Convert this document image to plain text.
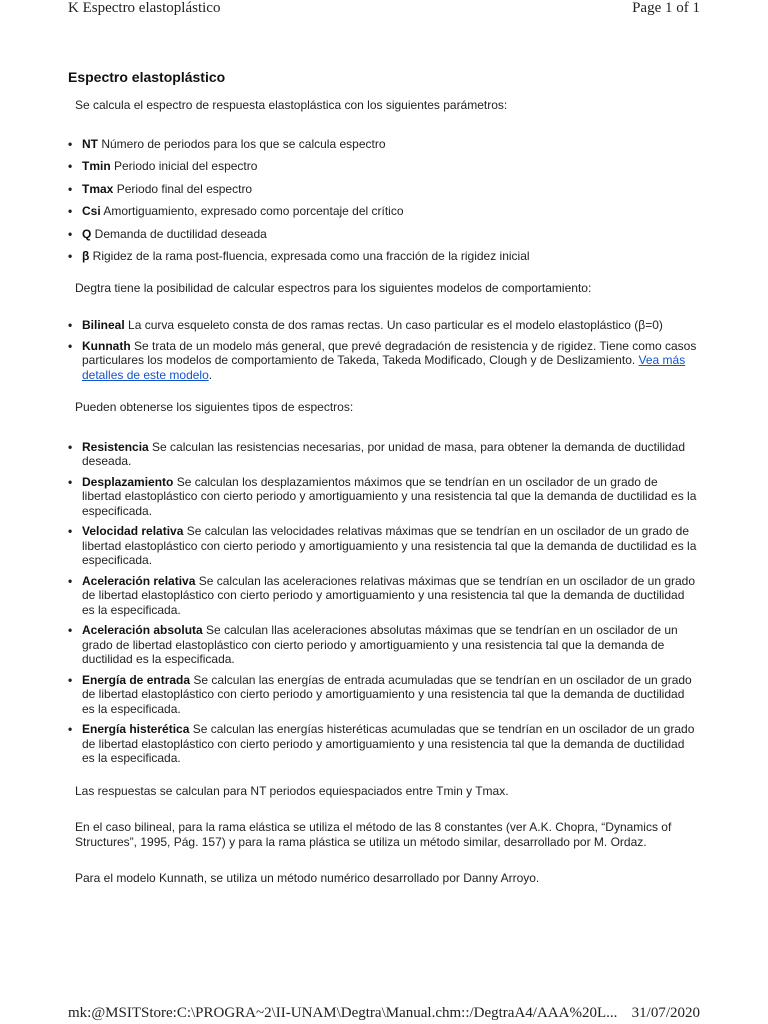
K Espectro elastoplástico	Page 1 of 1
Espectro elastoplástico

Se calcula el espectro de respuesta elastoplástica con los siguientes parámetros:

• NT Número de periodos para los que se calcula espectro
• Tmin Periodo inicial del espectro
• Tmax Periodo final del espectro
• Csi Amortiguamiento, expresado como porcentaje del crítico
• Q Demanda de ductilidad deseada
• β Rigidez de la rama post-fluencia, expresada como una fracción de la rigidez inicial

Degtra tiene la posibilidad de calcular espectros para los siguientes modelos de comportamiento:

• Bilineal La curva esqueleto consta de dos ramas rectas. Un caso particular es el modelo elastoplástico (β=0)
• Kunnath Se trata de un modelo más general, que prevé degradación de resistencia y de rigidez. Tiene como casos particulares los modelos de comportamiento de Takeda, Takeda Modificado, Clough y de Deslizamiento. Vea más detalles de este modelo.

Pueden obtenerse los siguientes tipos de espectros:

• Resistencia Se calculan las resistencias necesarias, por unidad de masa, para obtener la demanda de ductilidad deseada.
• Desplazamiento Se calculan los desplazamientos máximos que se tendrían en un oscilador de un grado de libertad elastoplástico con cierto periodo y amortiguamiento y una resistencia tal que la demanda de ductilidad es la especificada.
• Velocidad relativa Se calculan las velocidades relativas máximas que se tendrían en un oscilador de un grado de libertad elastoplástico con cierto periodo y amortiguamiento y una resistencia tal que la demanda de ductilidad es la especificada.
• Aceleración relativa Se calculan las aceleraciones relativas máximas que se tendrían en un oscilador de un grado de libertad elastoplástico con cierto periodo y amortiguamiento y una resistencia tal que la demanda de ductilidad es la especificada.
• Aceleración absoluta Se calculan llas aceleraciones absolutas máximas que se tendrían en un oscilador de un grado de libertad elastoplástico con cierto periodo y amortiguamiento y una resistencia tal que la demanda de ductilidad es la especificada.
• Energía de entrada Se calculan las energías de entrada acumuladas que se tendrían en un oscilador de un grado de libertad elastoplástico con cierto periodo y amortiguamiento y una resistencia tal que la demanda de ductilidad es la especificada.
• Energía histerética Se calculan las energías histeréticas acumuladas que se tendrían en un oscilador de un grado de libertad elastoplástico con cierto periodo y amortiguamiento y una resistencia tal que la demanda de ductilidad es la especificada.

Las respuestas se calculan para NT periodos equiespaciados entre Tmin y Tmax.

En el caso bilineal, para la rama elástica se utiliza el método de las 8 constantes (ver A.K. Chopra, “Dynamics of Structures”, 1995, Pág. 157) y para la rama plástica se utiliza un método similar, desarrollado por M. Ordaz.

Para el modelo Kunnath, se utiliza un método numérico desarrollado por Danny Arroyo.

mk:@MSITStore:C:\PROGRA~2\II-UNAM\Degtra\Manual.chm::/DegtraA4/AAA%20L... 31/07/2020
